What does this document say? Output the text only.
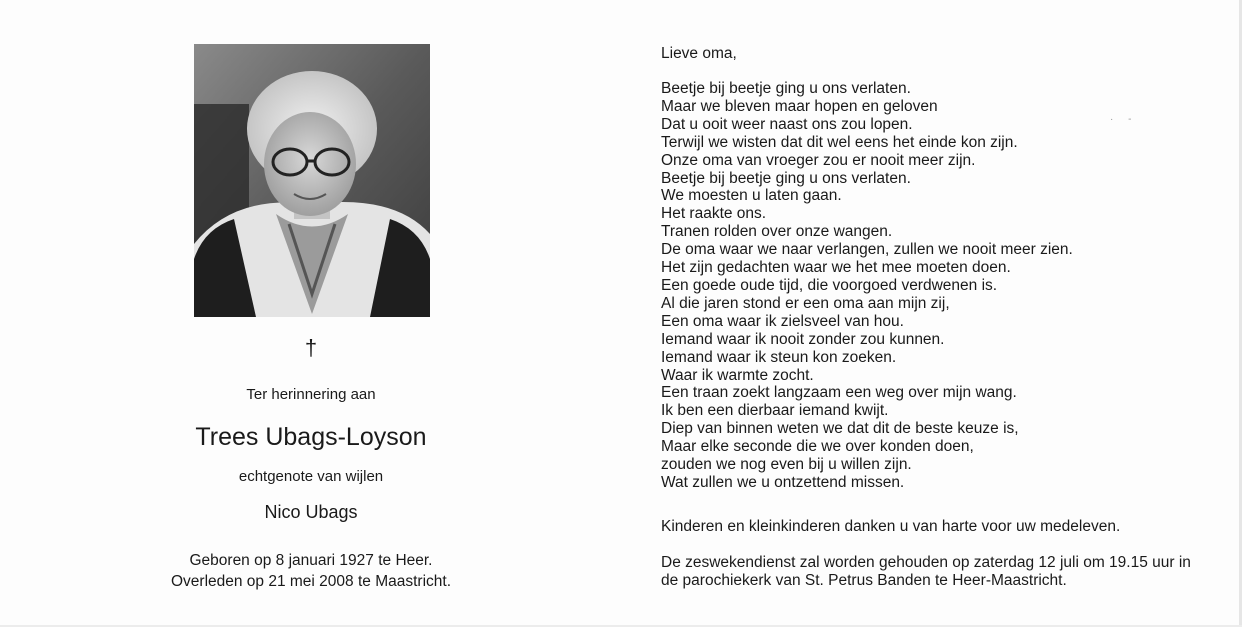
†
Ter herinnering aan
Trees Ubags-Loyson
echtgenote van wijlen
Nico Ubags
Geboren op 8 januari 1927 te Heer.
Overleden op 21 mei 2008 te Maastricht.
Lieve oma,
Beetje bij beetje ging u ons verlaten.
Maar we bleven maar hopen en geloven
Dat u ooit weer naast ons zou lopen.
Terwijl we wisten dat dit wel eens het einde kon zijn.
Onze oma van vroeger zou er nooit meer zijn.
Beetje bij beetje ging u ons verlaten.
We moesten u laten gaan.
Het raakte ons.
Tranen rolden over onze wangen.
De oma waar we naar verlangen, zullen we nooit meer zien.
Het zijn gedachten waar we het mee moeten doen.
Een goede oude tijd, die voorgoed verdwenen is.
Al die jaren stond er een oma aan mijn zij,
Een oma waar ik zielsveel van hou.
Iemand waar ik nooit zonder zou kunnen.
Iemand waar ik steun kon zoeken.
Waar ik warmte zocht.
Een traan zoekt langzaam een weg over mijn wang.
Ik ben een dierbaar iemand kwijt.
Diep van binnen weten we dat dit de beste keuze is,
Maar elke seconde die we over konden doen,
zouden we nog even bij u willen zijn.
Wat zullen we u ontzettend missen.
Kinderen en kleinkinderen danken u van harte voor uw medeleven.
De zeswekendienst zal worden gehouden op zaterdag 12 juli om 19.15 uur in de parochiekerk van St. Petrus Banden te Heer-Maastricht.
· -
